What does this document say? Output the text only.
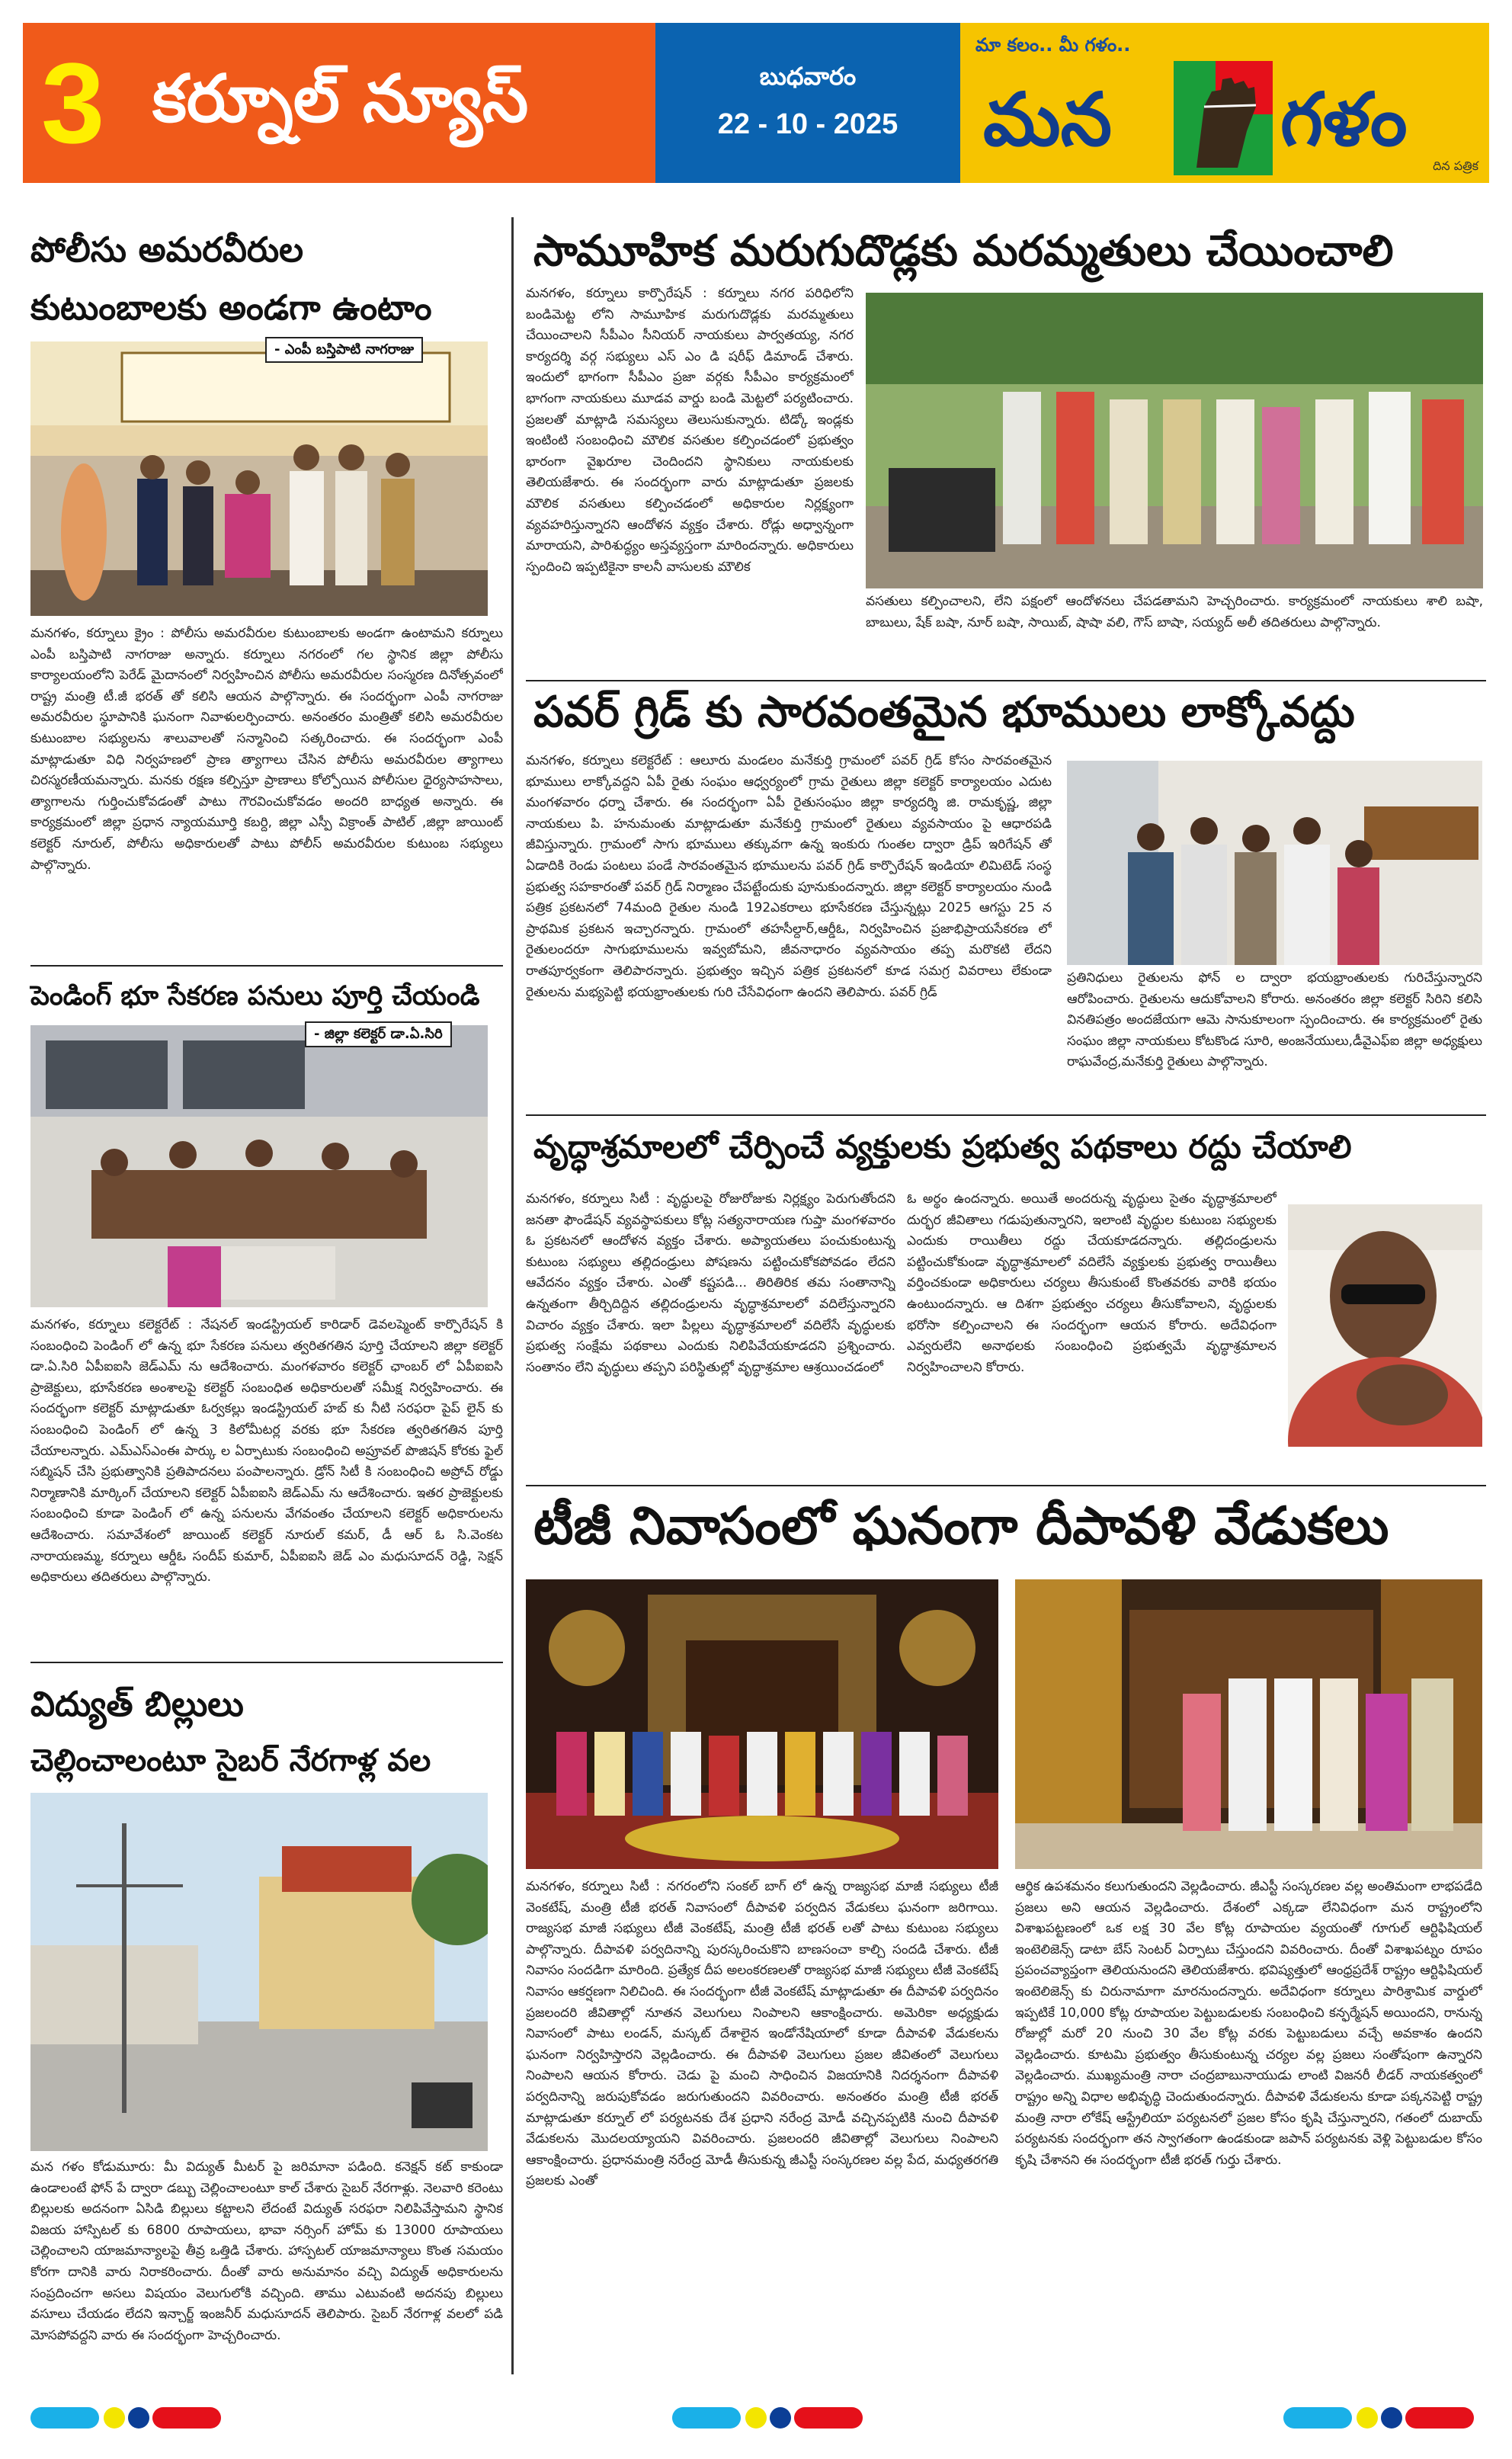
3 కర్నూల్ న్యూస్	బుధవారం
22 - 10 - 2025
మా కలం.. మీ గళం..
మన	గళం
దిన పత్రిక
పోలీసు అమరవీరుల
కుటుంబాలకు అండగా ఉంటాం
- ఎంపీ బస్తిపాటి నాగరాజు
మనగళం, కర్నూలు క్రైం : పోలీసు అమరవీరుల కుటుంబాలకు అండగా ఉంటామని కర్నూలు ఎంపీ బస్తిపాటి నాగరాజు అన్నారు. కర్నూలు నగరంలో గల స్థానిక జిల్లా పోలీసు కార్యాలయంలోని పెరేడ్ మైదానంలో నిర్వహించిన పోలీసు అమరవీరుల సంస్మరణ దినోత్సవంలో రాష్ట్ర మంత్రి టీ.జీ భరత్ తో కలిసి ఆయన పాల్గొన్నారు. ఈ సందర్భంగా ఎంపీ నాగరాజు అమరవీరుల స్థూపానికి ఘనంగా నివాళులర్పించారు. అనంతరం మంత్రితో కలిసి అమరవీరుల కుటుంబాల సభ్యులను శాలువాలతో సన్మానించి సత్కరించారు. ఈ సందర్భంగా ఎంపీ మాట్లాడుతూ విధి నిర్వహణలో ప్రాణ త్యాగాలు చేసిన పోలీసు అమరవీరుల త్యాగాలు చిరస్మరణీయమన్నారు. మనకు రక్షణ కల్పిస్తూ ప్రాణాలు కోల్పోయిన పోలీసుల ధైర్యసాహసాలు, త్యాగాలను గుర్తించుకోవడంతో పాటు గౌరవించుకోవడం అందరి బాధ్యత అన్నారు. ఈ కార్యక్రమంలో జిల్లా ప్రధాన న్యాయమూర్తి కబర్ది, జిల్లా ఎస్పీ విక్రాంత్ పాటిల్ ,జిల్లా జాయింట్ కలెక్టర్ నూరుల్, పోలీసు అధికారులతో పాటు పోలీస్ అమరవీరుల కుటుంబ సభ్యులు పాల్గొన్నారు.
పెండింగ్ భూ సేకరణ పనులు పూర్తి చేయండి
- జిల్లా కలెక్టర్ డా.ఏ.సిరి
మనగళం, కర్నూలు కలెక్టరేట్ : నేషనల్ ఇండస్ట్రియల్ కారిడార్ డెవలప్మెంట్ కార్పొరేషన్ కి సంబంధించి పెండింగ్ లో ఉన్న భూ సేకరణ పనులు త్వరితగతిన పూర్తి చేయాలని జిల్లా కలెక్టర్ డా.ఏ.సిరి ఏపీఐఐసి జెడ్ఎమ్ ను ఆదేశించారు. మంగళవారం కలెక్టర్ ఛాంబర్ లో ఏపీఐఐసి ప్రాజెక్టులు, భూసేకరణ అంశాలపై కలెక్టర్ సంబంధిత అధికారులతో సమీక్ష నిర్వహించారు. ఈ సందర్భంగా కలెక్టర్ మాట్లాడుతూ ఓర్వకల్లు ఇండస్ట్రియల్ హబ్ కు నీటి సరఫరా పైప్ లైన్ కు సంబంధించి పెండింగ్ లో ఉన్న 3 కిలోమీటర్ల వరకు భూ సేకరణ త్వరితగతిన పూర్తి చేయాలన్నారు. ఎమ్ఎస్ఎంఈ పార్కు ల ఏర్పాటుకు సంబంధించి అప్రూవల్ పొజిషన్ కోరకు ఫైల్ సబ్మిషన్ చేసి ప్రభుత్వానికి ప్రతిపాదనలు పంపాలన్నారు. డ్రోన్ సిటీ కి సంబంధించి అప్రోచ్ రోడ్డు నిర్మాణానికి మార్కింగ్ చేయాలని కలెక్టర్ ఏపీఐఐసి జెడ్ఎమ్ ను ఆదేశించారు. ఇతర ప్రాజెక్టులకు సంబంధించి కూడా పెండింగ్ లో ఉన్న పనులను వేగవంతం చేయాలని కలెక్టర్ అధికారులను ఆదేశించారు. సమావేశంలో జాయింట్ కలెక్టర్ నూరుల్ కమర్, డీ ఆర్ ఓ సి.వెంకట నారాయణమ్మ, కర్నూలు ఆర్డీఓ సందీప్ కుమార్, ఏపీఐఐసి జెడ్ ఎం మధుసూదన్ రెడ్డి, సెక్షన్ అధికారులు తదితరులు పాల్గొన్నారు.
విద్యుత్ బిల్లులు
చెల్లించాలంటూ సైబర్ నేరగాళ్ల వల
మన గళం కోడుమూరు: మీ విద్యుత్ మీటర్ పై జరిమానా పడింది. కనెక్షన్ కట్ కాకుండా ఉండాలంటే ఫోన్ పే ద్వారా డబ్బు చెల్లించాలంటూ కాల్ చేశారు సైబర్ నేరగాళ్లు. నెలవారి కరెంటు బిల్లులకు అదనంగా ఏసిడి బిల్లులు కట్టాలని లేదంటే విద్యుత్ సరఫరా నిలిపివేస్తామని స్థానిక విజయ హాస్పిటల్ కు 6800 రూపాయలు, భావా నర్సింగ్ హోమ్ కు 13000 రూపాయలు చెల్లించాలని యాజమాన్యాలపై తీవ్ర ఒత్తిడి చేశారు. హాస్పటల్ యాజమాన్యాలు కొంత సమయం కోరగా దానికి వారు నిరాకరించారు. దీంతో వారు అనుమానం వచ్చి విద్యుత్ అధికారులను సంప్రదించగా అసలు విషయం వెలుగులోకి వచ్చింది. తాము ఎటువంటి అదనపు బిల్లులు వసూలు చేయడం లేదని ఇన్చార్జ్ ఇంజనీర్ మధుసూదన్ తెలిపారు. సైబర్ నేరగాళ్ల వలలో పడి మోసపోవద్దని వారు ఈ సందర్భంగా హెచ్చరించారు.
సామూహిక మరుగుదొడ్లకు మరమ్మతులు చేయించాలి
మనగళం, కర్నూలు కార్పొరేషన్ : కర్నూలు నగర పరిధిలోని బండిమెట్ట లోని సామూహిక మరుగుదొడ్లకు మరమ్మతులు చేయించాలని సీపీఎం సీనియర్ నాయకులు పార్వతయ్య, నగర కార్యదర్శి వర్గ సభ్యులు ఎస్ ఎం డి షరీఫ్ డిమాండ్ చేశారు. ఇందులో భాగంగా సీపీఎం ప్రజా వర్గకు సీపీఎం కార్యక్రమంలో భాగంగా నాయకులు మూడవ వార్డు బండి మెట్టలో పర్యటించారు. ప్రజలతో మాట్లాడి సమస్యలు తెలుసుకున్నారు. టిడ్కో ఇండ్లకు ఇంటింటి సంబంధించి మౌలిక వసతుల కల్పించడంలో ప్రభుత్వం భారంగా వైఖరూల చెందిందని స్థానికులు నాయకులకు తెలియజేశారు. ఈ సందర్భంగా వారు మాట్లాడుతూ ప్రజలకు మౌలిక వసతులు కల్పించడంలో అధికారుల నిర్లక్ష్యంగా వ్యవహరిస్తున్నారని ఆందోళన వ్యక్తం చేశారు. రోడ్లు అధ్వాన్నంగా మారాయని, పారిశుద్ధ్యం అస్తవ్యస్తంగా మారిందన్నారు. అధికారులు స్పందించి ఇప్పటికైనా కాలనీ వాసులకు మౌలిక
వసతులు కల్పించాలని, లేని పక్షంలో ఆందోళనలు చేపడతామని హెచ్చరించారు. కార్యక్రమంలో నాయకులు శాలి బషా, బాబులు, షేక్ బషా, నూర్ బషా, సాయిబ్, షాషా వలి, గౌస్ బాషా, సయ్యద్ అలీ తదితరులు పాల్గొన్నారు.
పవర్ గ్రిడ్ కు సారవంతమైన భూములు లాక్కోవద్దు
మనగళం, కర్నూలు కలెక్టరేట్ : ఆలూరు మండలం మనేకుర్తి గ్రామంలో పవర్ గ్రిడ్ కోసం సారవంతమైన భూములు లాక్కోవద్దని ఏపీ రైతు సంఘం ఆధ్వర్యంలో గ్రామ రైతులు జిల్లా కలెక్టర్ కార్యాలయం ఎదుట మంగళవారం ధర్నా చేశారు. ఈ సందర్భంగా ఏపీ రైతుసంఘం జిల్లా కార్యదర్శి జి. రామకృష్ణ, జిల్లా నాయకులు పి. హనుమంతు మాట్లాడుతూ మనేకుర్తి గ్రామంలో రైతులు వ్యవసాయం పై ఆధారపడి జీవిస్తున్నారు. గ్రామంలో సాగు భూములు తక్కువగా ఉన్న ఇంకురు గుంతల ద్వారా డ్రిప్ ఇరిగేషన్ తో ఏడాదికి రెండు పంటలు పండే సారవంతమైన భూములను పవర్ గ్రిడ్ కార్పొరేషన్ ఇండియా లిమిటెడ్ సంస్థ ప్రభుత్వ సహకారంతో పవర్ గ్రిడ్ నిర్మాణం చేపట్టేందుకు పూనుకుందన్నారు. జిల్లా కలెక్టర్ కార్యాలయం నుండి పత్రిక ప్రకటనలో 74మంది రైతుల నుండి 192ఎకరాలు భూసేకరణ చేస్తున్నట్లు 2025 ఆగస్టు 25 న ప్రాథమిక ప్రకటన ఇచ్చారన్నారు. గ్రామంలో తహసీల్దార్,ఆర్డీఓ, నిర్వహించిన ప్రజాభిప్రాయసేకరణ లో రైతులందరూ సాగుభూములను ఇవ్వబోమని, జీవనాధారం వ్యవసాయం తప్ప మరొకటి లేదని రాతపూర్వకంగా తెలిపారన్నారు. ప్రభుత్వం ఇచ్చిన పత్రిక ప్రకటనలో కూడ సమగ్ర వివరాలు లేకుండా రైతులను మభ్యపెట్టి భయభ్రాంతులకు గురి చేసేవిధంగా ఉందని తెలిపారు. పవర్ గ్రిడ్
ప్రతినిధులు రైతులను ఫోన్ ల ద్వారా భయభ్రాంతులకు గురిచేస్తున్నారని ఆరోపించారు. రైతులను ఆదుకోవాలని కోరారు. అనంతరం జిల్లా కలెక్టర్ సిరిని కలిసి వినతిపత్రం అందజేయగా ఆమె సానుకూలంగా స్పందించారు. ఈ కార్యక్రమంలో రైతు సంఘం జిల్లా నాయకులు కోటకొండ సూరి, అంజనేయులు,డీవైఎఫ్ఐ జిల్లా అధ్యక్షులు రాఘవేంద్ర,మనేకుర్తి రైతులు పాల్గొన్నారు.
వృద్ధాశ్రమాలలో చేర్పించే వ్యక్తులకు ప్రభుత్వ పథకాలు రద్దు చేయాలి
మనగళం, కర్నూలు సిటీ : వృద్ధులపై రోజురోజుకు నిర్లక్ష్యం పెరుగుతోందని జనతా ఫౌండేషన్ వ్యవస్థాపకులు కోట్ల సత్యనారాయణ గుప్తా మంగళవారం ఓ ప్రకటనలో ఆందోళన వ్యక్తం చేశారు. అప్యాయతలు పంచుకుంటున్న కుటుంబ సభ్యులు తల్లిదండ్రులు పోషణను పట్టించుకోకపోవడం లేదని ఆవేదనం వ్యక్తం చేశారు. ఎంతో కష్టపడి... తిరితిరిక తమ సంతానాన్ని ఉన్నతంగా తీర్చిదిద్దిన తల్లిదండ్రులను వృద్ధాశ్రమాలలో వదిలేస్తున్నారని విచారం వ్యక్తం చేశారు. ఇలా పిల్లలు వృద్ధాశ్రమాలలో వదిలేసే వృద్ధులకు ప్రభుత్వ సంక్షేమ పథకాలు ఎందుకు నిలిపివేయకూడదని ప్రశ్నించారు. సంతానం లేని వృద్ధులు తప్పని పరిస్థితుల్లో వృద్ధాశ్రమాల ఆశ్రయించడంలో
ఓ అర్థం ఉందన్నారు. అయితే అందరున్న వృద్ధులు సైతం వృద్ధాశ్రమాలలో దుర్భర జీవితాలు గడుపుతున్నారని, ఇలాంటి వృద్ధుల కుటుంబ సభ్యులకు ఎందుకు రాయితీలు రద్దు చేయకూడదన్నారు. తల్లిదండ్రులను పట్టించుకోకుండా వృద్ధాశ్రమాలలో వదిలేసే వ్యక్తులకు ప్రభుత్వ రాయితీలు వర్తించకుండా అధికారులు చర్యలు తీసుకుంటే కొంతవరకు వారికి భయం ఉంటుందన్నారు. ఆ దిశగా ప్రభుత్వం చర్యలు తీసుకోవాలని, వృద్ధులకు భరోసా కల్పించాలని ఈ సందర్భంగా ఆయన కోరారు. అదేవిధంగా ఎవ్వరులేని అనాథలకు సంబంధించి ప్రభుత్వమే వృద్ధాశ్రమాలన నిర్వహించాలని కోరారు.
టీజీ నివాసంలో ఘనంగా దీపావళి వేడుకలు
మనగళం, కర్నూలు సిటీ : నగరంలోని సంకల్ బాగ్ లో ఉన్న రాజ్యసభ మాజీ సభ్యులు టీజీ వెంకటేష్, మంత్రి టీజీ భరత్ నివాసంలో దీపావళి పర్వదిన వేడుకలు ఘనంగా జరిగాయి. రాజ్యసభ మాజీ సభ్యులు టీజీ వెంకటేష్, మంత్రి టీజీ భరత్ లతో పాటు కుటుంబ సభ్యులు పాల్గొన్నారు. దీపావళి పర్వదినాన్ని పురస్కరించుకొని బాణసంచా కాల్చి సందడి చేశారు. టీజీ నివాసం సందడిగా మారింది. ప్రత్యేక దీప అలంకరణలతో రాజ్యసభ మాజీ సభ్యులు టీజీ వెంకటేష్ నివాసం ఆకర్షణగా నిలిచింది. ఈ సందర్భంగా టీజీ వెంకటేష్ మాట్లాడుతూ ఈ దీపావళి పర్వదినం ప్రజలందరి జీవితాల్లో నూతన వెలుగులు నింపాలని ఆకాంక్షించారు. అమెరికా అధ్యక్షుడు నివాసంలో పాటు లండన్, మస్కట్ దేశాలైన ఇండోనేషియాలో కూడా దీపావళి వేడుకలను ఘనంగా నిర్వహిస్తారని వెల్లడించారు. ఈ దీపావళి వెలుగులు ప్రజల జీవితంలో వెలుగులు నింపాలని ఆయన కోరారు. చెడు పై మంచి సాధించిన విజయానికి నిదర్శనంగా దీపావళి పర్వదినాన్ని జరుపుకోవడం జరుగుతుందని వివరించారు. అనంతరం మంత్రి టీజీ భరత్ మాట్లాడుతూ కర్నూల్ లో పర్యటనకు దేశ ప్రధాని నరేంద్ర మోడీ వచ్చినప్పటికి నుంచి దీపావళి వేడుకలను మొదలయ్యాయని వివరించారు. ప్రజలందరి జీవితాల్లో వెలుగులు నింపాలని ఆకాంక్షించారు. ప్రధానమంత్రి నరేంద్ర మోడీ తీసుకున్న జీఎస్టీ సంస్కరణల వల్ల పేద, మధ్యతరగతి ప్రజలకు ఎంతో
ఆర్థిక ఉపశమనం కలుగుతుందని వెల్లడించారు. జీఎస్టీ సంస్కరణల వల్ల అంతిమంగా లాభపడేది ప్రజలు అని ఆయన వెల్లడించారు. దేశంలో ఎక్కడా లేనివిధంగా మన రాష్ట్రంలోని విశాఖపట్టణంలో ఒక లక్ష 30 వేల కోట్ల రూపాయల వ్యయంతో గూగుల్ ఆర్టిఫిషియల్ ఇంటెలిజెన్స్ డాటా బేస్ సెంటర్ ఏర్పాటు చేస్తుందని వివరించారు. దీంతో విశాఖపట్నం రూపం ప్రపంచవ్యాప్తంగా తెలియనుందని తెలియజేశారు. భవిష్యత్తులో ఆంధ్రప్రదేశ్ రాష్ట్రం ఆర్టిఫిషియల్ ఇంటెలిజెన్స్ కు చిరునామాగా మారనుందన్నారు. అదేవిధంగా కర్నూలు పారిశ్రామిక వార్డులో ఇప్పటికే 10,000 కోట్ల రూపాయల పెట్టుబడులకు సంబంధించి కన్ఫర్మేషన్ అయిందని, రానున్న రోజుల్లో మరో 20 నుంచి 30 వేల కోట్ల వరకు పెట్టుబడులు వచ్చే అవకాశం ఉందని వెల్లడించారు. కూటమి ప్రభుత్వం తీసుకుంటున్న చర్యల వల్ల ప్రజలు సంతోషంగా ఉన్నారని వెల్లడించారు. ముఖ్యమంత్రి నారా చంద్రబాబునాయుడు లాంటి విజనరీ లీడర్ నాయకత్వంలో రాష్ట్రం అన్ని విధాల అభివృద్ధి చెందుతుందన్నారు. దీపావళి వేడుకలను కూడా పక్కనపెట్టి రాష్ట్ర మంత్రి నారా లోకేష్ ఆస్ట్రేలియా పర్యటనలో ప్రజల కోసం కృషి చేస్తున్నారని, గతంలో దుబాయ్ పర్యటనకు సందర్భంగా తన స్వాగతంగా ఉండకుండా జపాన్ పర్యటనకు వెళ్లి పెట్టుబడుల కోసం కృషి చేశానని ఈ సందర్భంగా టీజీ భరత్ గుర్తు చేశారు.
